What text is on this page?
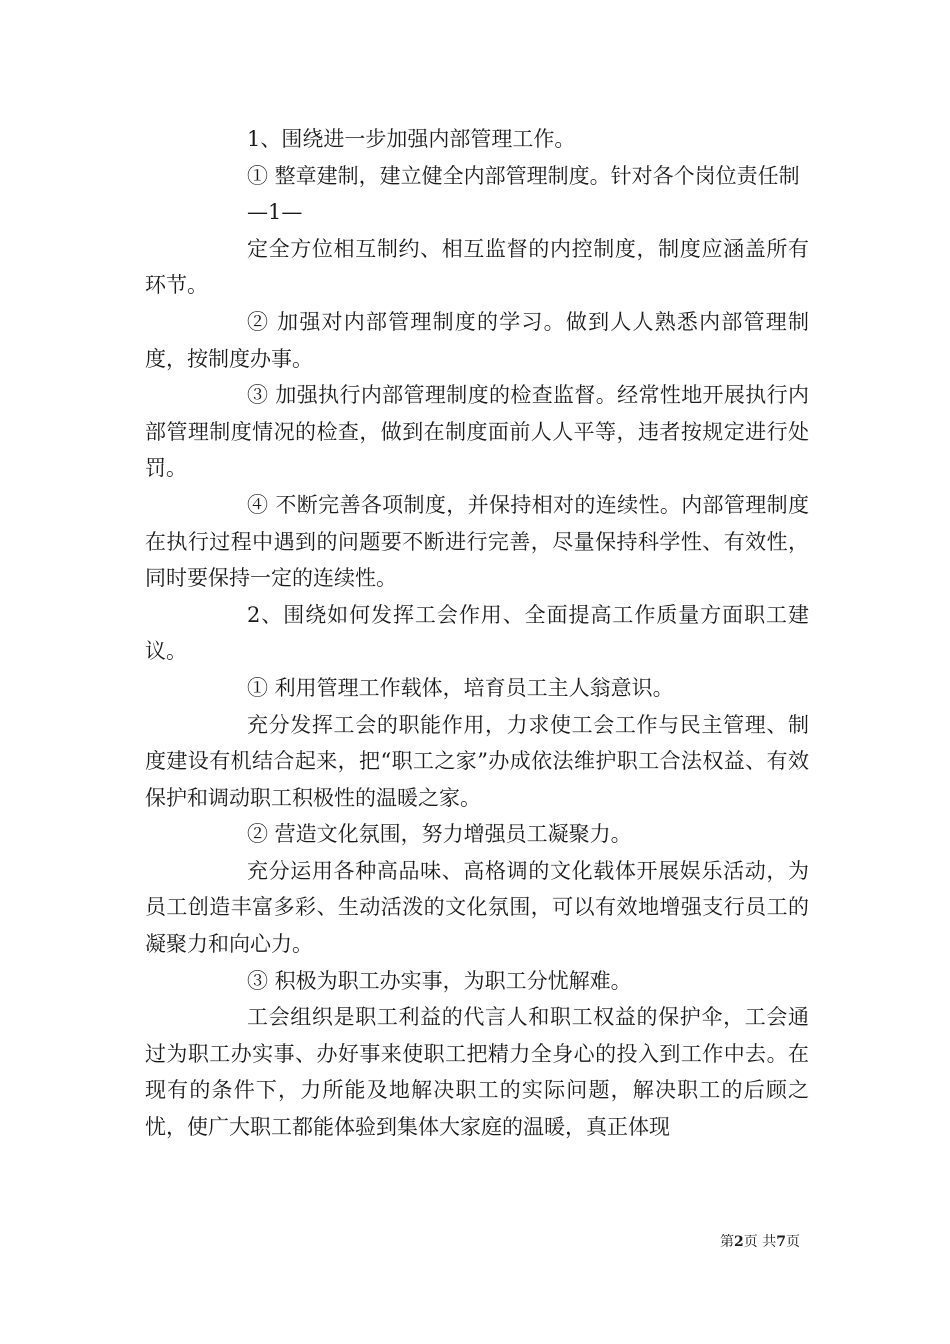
1、围绕进一步加强内部管理工作。

① 整章建制，建立健全内部管理制度。针对各个岗位责任制

—1—

定全方位相互制约、相互监督的内控制度，制度应涵盖所有环节。

② 加强对内部管理制度的学习。做到人人熟悉内部管理制度，按制度办事。

③ 加强执行内部管理制度的检查监督。经常性地开展执行内部管理制度情况的检查，做到在制度面前人人平等，违者按规定进行处罚。

④ 不断完善各项制度，并保持相对的连续性。内部管理制度在执行过程中遇到的问题要不断进行完善，尽量保持科学性、有效性，同时要保持一定的连续性。

2、围绕如何发挥工会作用、全面提高工作质量方面职工建议。

① 利用管理工作载体，培育员工主人翁意识。

充分发挥工会的职能作用，力求使工会工作与民主管理、制度建设有机结合起来，把“职工之家”办成依法维护职工合法权益、有效保护和调动职工积极性的温暖之家。

② 营造文化氛围，努力增强员工凝聚力。

充分运用各种高品味、高格调的文化载体开展娱乐活动，为员工创造丰富多彩、生动活泼的文化氛围，可以有效地增强支行员工的凝聚力和向心力。

③ 积极为职工办实事，为职工分忧解难。

工会组织是职工利益的代言人和职工权益的保护伞，工会通过为职工办实事、办好事来使职工把精力全身心的投入到工作中去。在现有的条件下，力所能及地解决职工的实际问题，解决职工的后顾之忧，使广大职工都能体验到集体大家庭的温暖，真正体现

第2页 共7页
